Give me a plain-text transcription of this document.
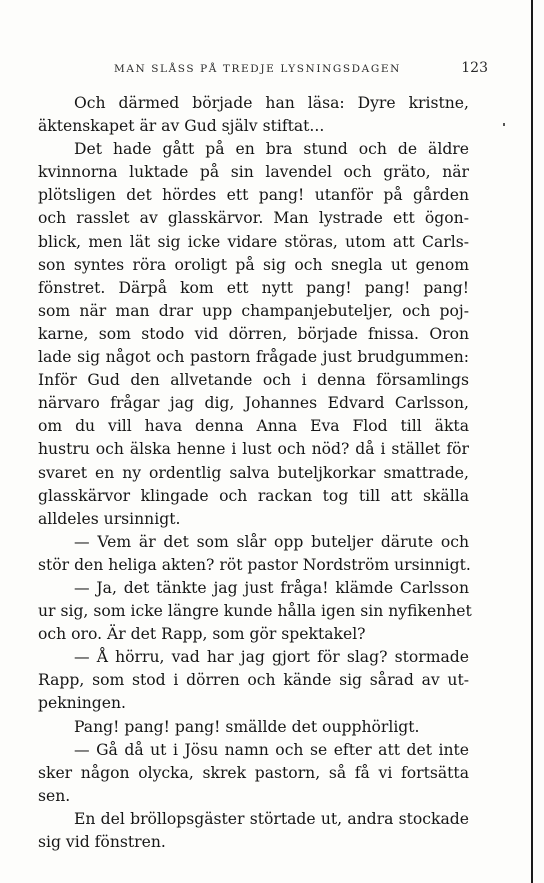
MAN SLÅSS PÅ TREDJE LYSNINGSDAGEN	123
Och därmed började han läsa: Dyre kristne,
äktenskapet är av Gud själv stiftat...
Det hade gått på en bra stund och de äldre
kvinnorna luktade på sin lavendel och gräto, när
plötsligen det hördes ett pang! utanför på gården
och rasslet av glasskärvor. Man lystrade ett ögon-
blick, men lät sig icke vidare störas, utom att Carls-
son syntes röra oroligt på sig och snegla ut genom
fönstret. Därpå kom ett nytt pang! pang! pang!
som när man drar upp champanjebuteljer, och poj-
karne, som stodo vid dörren, började fnissa. Oron
lade sig något och pastorn frågade just brudgummen:
Inför Gud den allvetande och i denna församlings
närvaro frågar jag dig, Johannes Edvard Carlsson,
om du vill hava denna Anna Eva Flod till äkta
hustru och älska henne i lust och nöd? då i stället för
svaret en ny ordentlig salva buteljkorkar smattrade,
glasskärvor klingade och rackan tog till att skälla
alldeles ursinnigt.
— Vem är det som slår opp buteljer därute och
stör den heliga akten? röt pastor Nordström ursinnigt.
— Ja, det tänkte jag just fråga! klämde Carlsson
ur sig, som icke längre kunde hålla igen sin nyfikenhet
och oro. Är det Rapp, som gör spektakel?
— Å hörru, vad har jag gjort för slag? stormade
Rapp, som stod i dörren och kände sig sårad av ut-
pekningen.
Pang! pang! pang! smällde det oupphörligt.
— Gå då ut i Jösu namn och se efter att det inte
sker någon olycka, skrek pastorn, så få vi fortsätta
sen.
En del bröllopsgäster störtade ut, andra stockade
sig vid fönstren.
